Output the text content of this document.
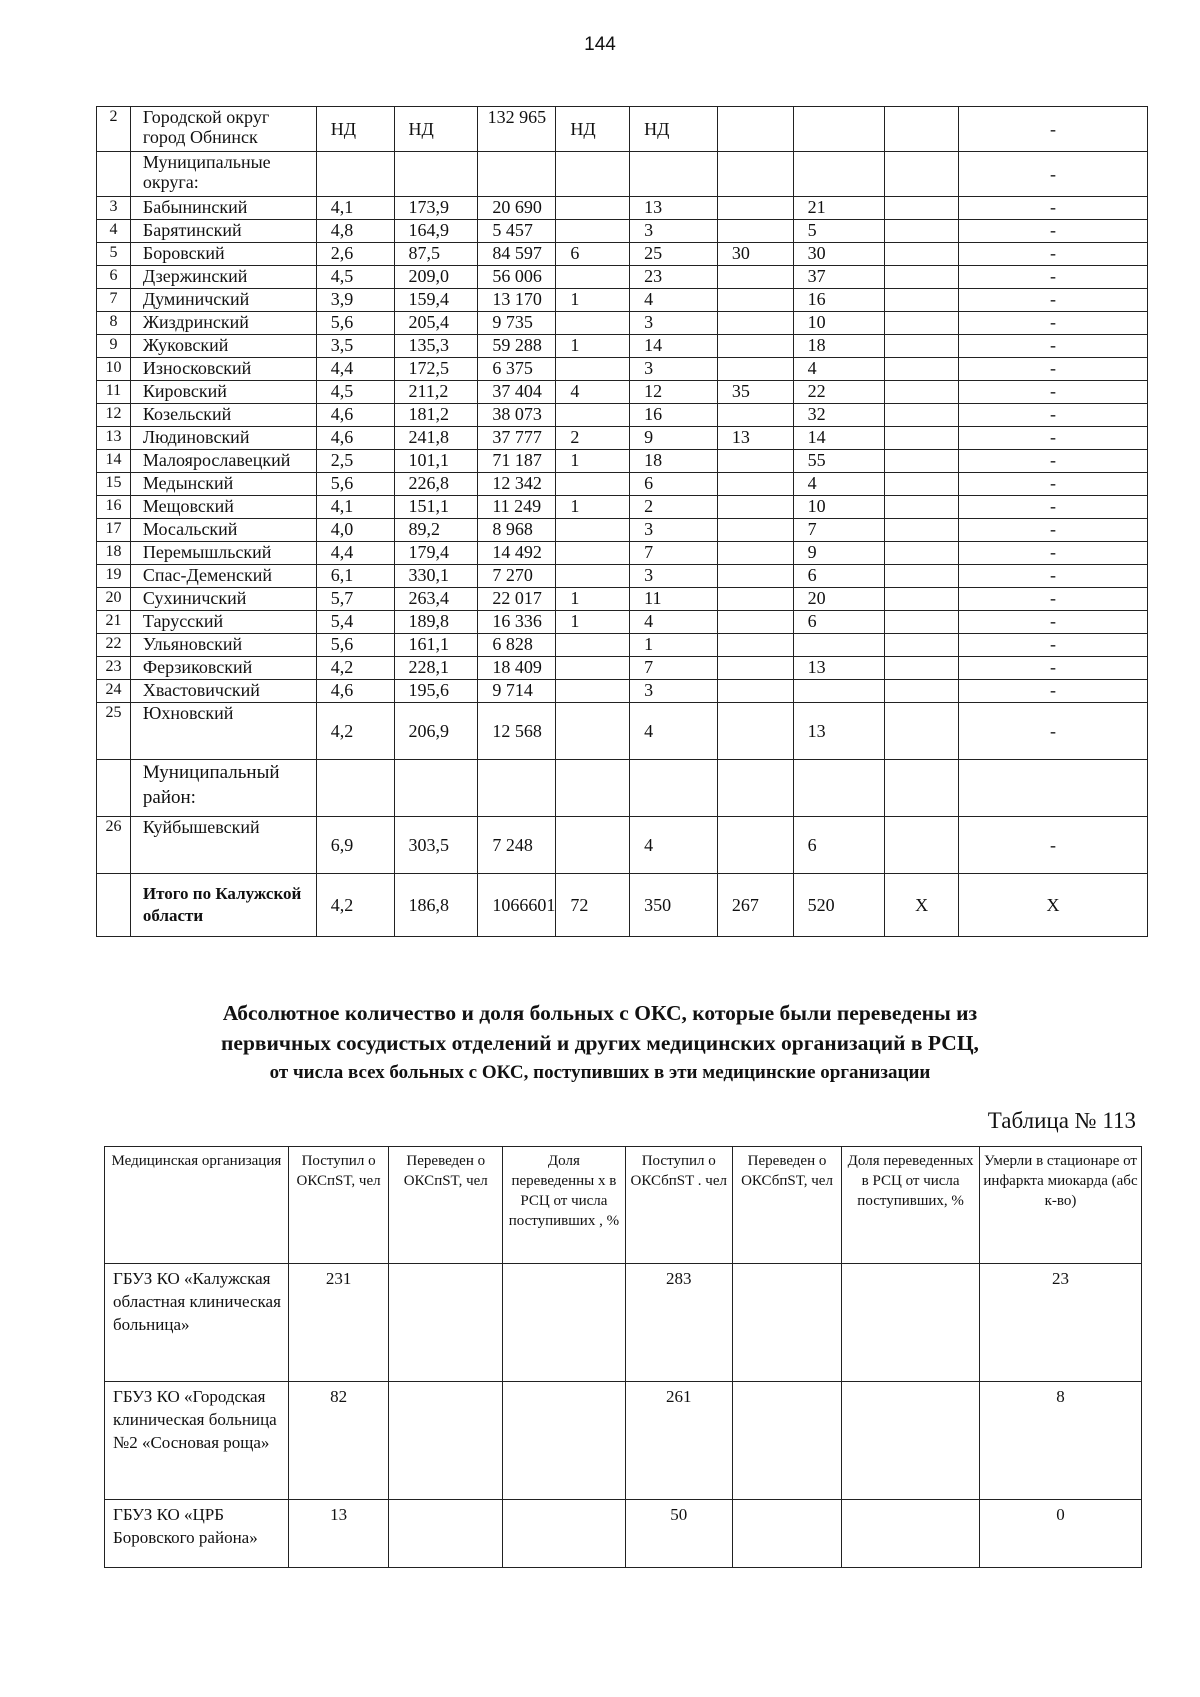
144
2	Городской округ город Обнинск	НД	НД	132 965	НД	НД				-
	Муниципальные округа:									-
3	Бабынинский	4,1	173,9	20 690		13		21		-
4	Барятинский	4,8	164,9	5 457		3		5		-
5	Боровский	2,6	87,5	84 597	6	25	30	30		-
6	Дзержинский	4,5	209,0	56 006		23		37		-
7	Думиничский	3,9	159,4	13 170	1	4		16		-
8	Жиздринский	5,6	205,4	9 735		3		10		-
9	Жуковский	3,5	135,3	59 288	1	14		18		-
10	Износковский	4,4	172,5	6 375		3		4		-
11	Кировский	4,5	211,2	37 404	4	12	35	22		-
12	Козельский	4,6	181,2	38 073		16		32		-
13	Людиновский	4,6	241,8	37 777	2	9	13	14		-
14	Малоярославецкий	2,5	101,1	71 187	1	18		55		-
15	Медынский	5,6	226,8	12 342		6		4		-
16	Мещовский	4,1	151,1	11 249	1	2		10		-
17	Мосальский	4,0	89,2	8 968		3		7		-
18	Перемышльский	4,4	179,4	14 492		7		9		-
19	Спас-Деменский	6,1	330,1	7 270		3		6		-
20	Сухиничский	5,7	263,4	22 017	1	11		20		-
21	Тарусский	5,4	189,8	16 336	1	4		6		-
22	Ульяновский	5,6	161,1	6 828		1				-
23	Ферзиковский	4,2	228,1	18 409		7		13		-
24	Хвастовичский	4,6	195,6	9 714		3				-
25	Юхновский	4,2	206,9	12 568		4		13		-
	Муниципальный район:									
26	Куйбышевский	6,9	303,5	7 248		4		6		-
	Итого по Калужской области	4,2	186,8	1066601	72	350	267	520	Х	Х
Абсолютное количество и доля больных с ОКС, которые были переведены из
первичных сосудистых отделений и других медицинских организаций в РСЦ,
от числа всех больных с ОКС, поступивших в эти медицинские организации
Таблица № 113
Медицинская организация	Поступил о ОКСпST, чел	Переведен о ОКСпST, чел	Доля переведенны х в РСЦ от числа поступивших , %	Поступил о ОКСбпST . чел	Переведен о ОКСбпST, чел	Доля переведенных в РСЦ от числа поступивших, %	Умерли в стационаре от инфаркта миокарда (абс к-во)
ГБУЗ КО «Калужская областная клиническая больница»	231			283			23
ГБУЗ КО «Городская клиническая больница №2 «Сосновая роща»	82			261			8
ГБУЗ КО «ЦРБ Боровского района»	13			50			0
